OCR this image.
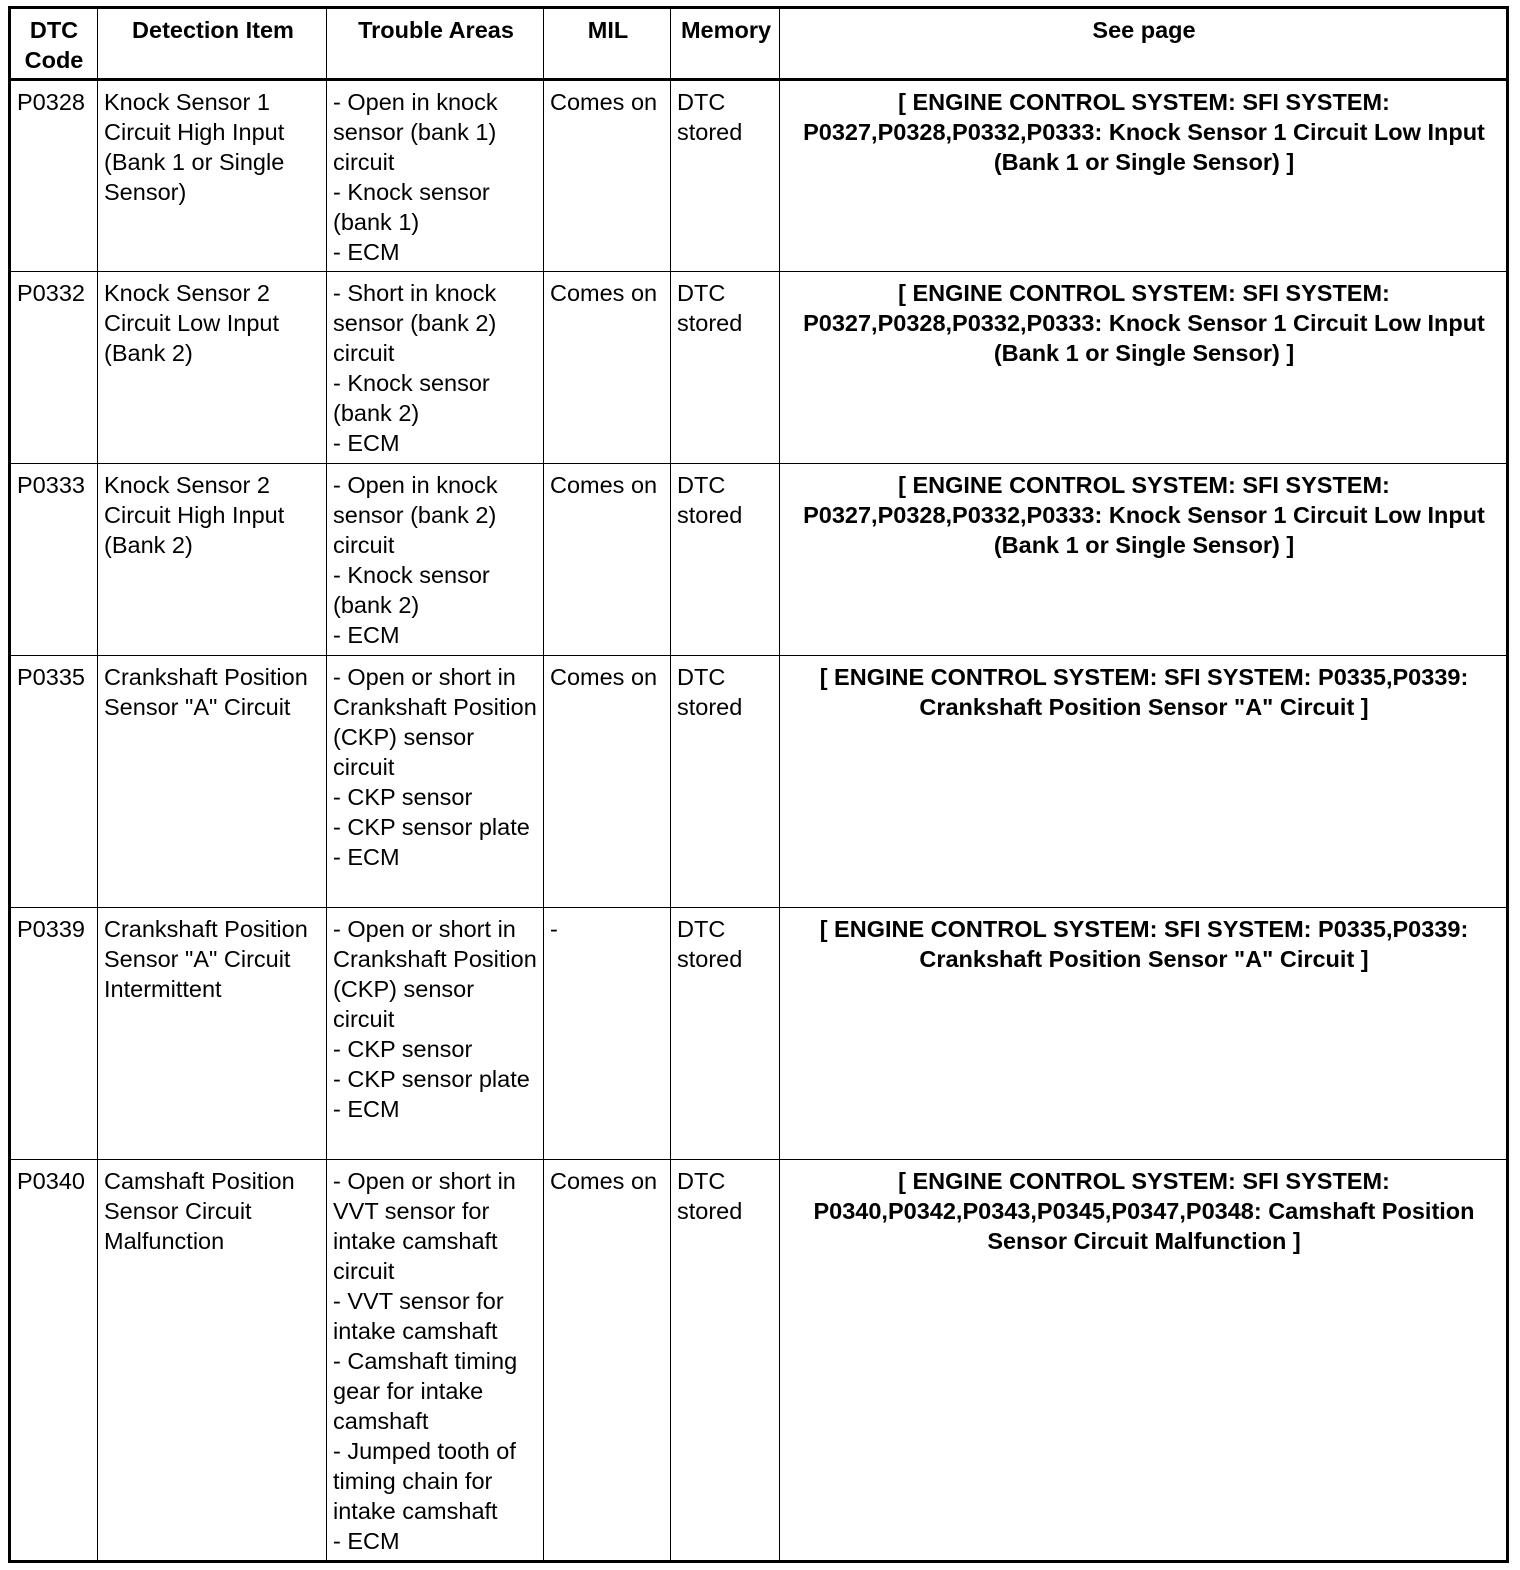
DTC Code	Detection Item	Trouble Areas	MIL	Memory	See page

P0328	Knock Sensor 1 Circuit High Input (Bank 1 or Single Sensor)	- Open in knock sensor (bank 1) circuit
- Knock sensor (bank 1)
- ECM	Comes on	DTC stored	[ ENGINE CONTROL SYSTEM: SFI SYSTEM: P0327,P0328,P0332,P0333: Knock Sensor 1 Circuit Low Input (Bank 1 or Single Sensor) ]

P0332	Knock Sensor 2 Circuit Low Input (Bank 2)	- Short in knock sensor (bank 2) circuit
- Knock sensor (bank 2)
- ECM	Comes on	DTC stored	[ ENGINE CONTROL SYSTEM: SFI SYSTEM: P0327,P0328,P0332,P0333: Knock Sensor 1 Circuit Low Input (Bank 1 or Single Sensor) ]

P0333	Knock Sensor 2 Circuit High Input (Bank 2)	- Open in knock sensor (bank 2) circuit
- Knock sensor (bank 2)
- ECM	Comes on	DTC stored	[ ENGINE CONTROL SYSTEM: SFI SYSTEM: P0327,P0328,P0332,P0333: Knock Sensor 1 Circuit Low Input (Bank 1 or Single Sensor) ]

P0335	Crankshaft Position Sensor "A" Circuit	- Open or short in Crankshaft Position (CKP) sensor circuit
- CKP sensor
- CKP sensor plate
- ECM	Comes on	DTC stored	[ ENGINE CONTROL SYSTEM: SFI SYSTEM: P0335,P0339: Crankshaft Position Sensor "A" Circuit ]

P0339	Crankshaft Position Sensor "A" Circuit Intermittent	- Open or short in Crankshaft Position (CKP) sensor circuit
- CKP sensor
- CKP sensor plate
- ECM	-	DTC stored	[ ENGINE CONTROL SYSTEM: SFI SYSTEM: P0335,P0339: Crankshaft Position Sensor "A" Circuit ]

P0340	Camshaft Position Sensor Circuit Malfunction	- Open or short in VVT sensor for intake camshaft circuit
- VVT sensor for intake camshaft
- Camshaft timing gear for intake camshaft
- Jumped tooth of timing chain for intake camshaft
- ECM	Comes on	DTC stored	[ ENGINE CONTROL SYSTEM: SFI SYSTEM: P0340,P0342,P0343,P0345,P0347,P0348: Camshaft Position Sensor Circuit Malfunction ]
